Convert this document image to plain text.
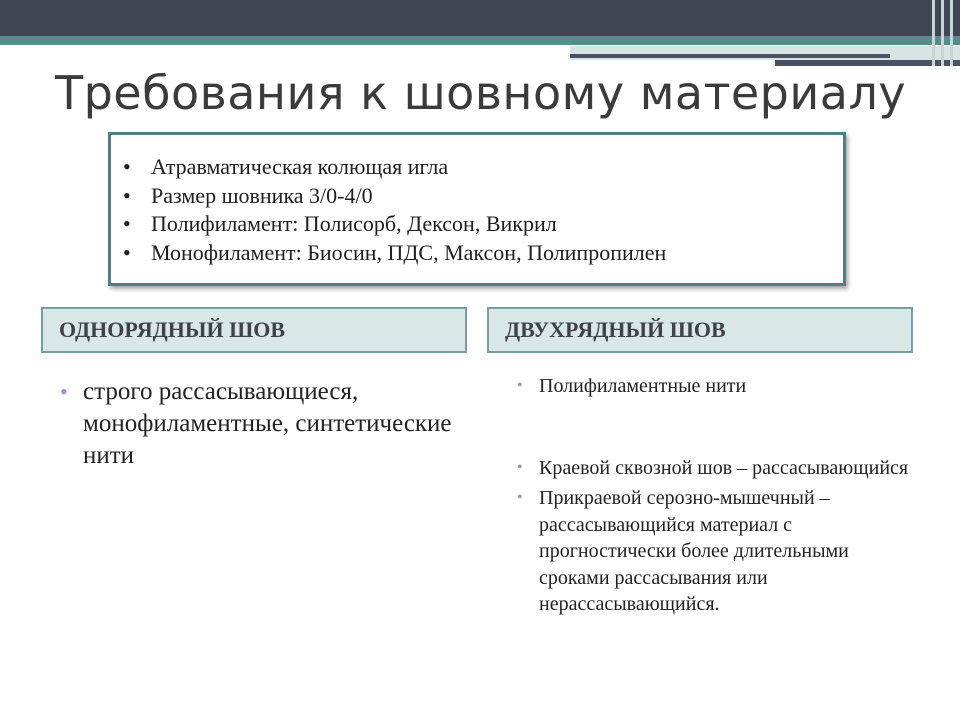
Требования к шовному материалу
• Атравматическая колющая игла
• Размер шовника 3/0-4/0
• Полифиламент: Полисорб, Дексон, Викрил
• Монофиламент: Биосин, ПДС, Максон, Полипропилен
ОДНОРЯДНЫЙ ШОВ	ДВУХРЯДНЫЙ ШОВ
• строго рассасывающиеся, монофиламентные, синтетические нити
• Полифиламентные нити
• Краевой сквозной шов – рассасывающийся
• Прикраевой серозно-мышечный – рассасывающийся материал с прогностически более длительными сроками рассасывания или нерассасывающийся.
